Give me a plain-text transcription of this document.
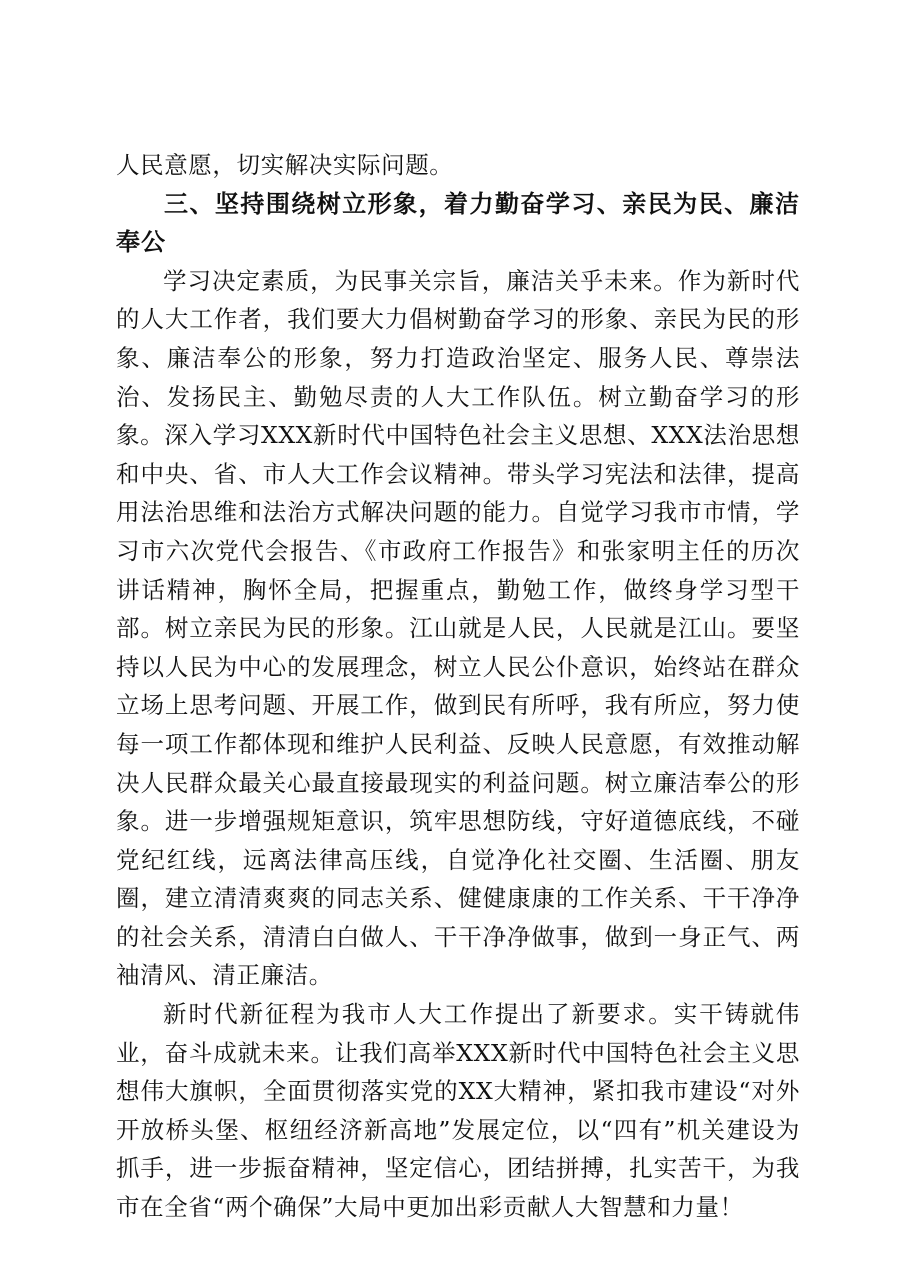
人民意愿，切实解决实际问题。

三、坚持围绕树立形象，着力勤奋学习、亲民为民、廉洁奉公

学习决定素质，为民事关宗旨，廉洁关乎未来。作为新时代的人大工作者，我们要大力倡树勤奋学习的形象、亲民为民的形象、廉洁奉公的形象，努力打造政治坚定、服务人民、尊崇法治、发扬民主、勤勉尽责的人大工作队伍。树立勤奋学习的形象。深入学习XXX新时代中国特色社会主义思想、XXX法治思想和中央、省、市人大工作会议精神。带头学习宪法和法律，提高用法治思维和法治方式解决问题的能力。自觉学习我市市情，学习市六次党代会报告、《市政府工作报告》和张家明主任的历次讲话精神，胸怀全局，把握重点，勤勉工作，做终身学习型干部。树立亲民为民的形象。江山就是人民，人民就是江山。要坚持以人民为中心的发展理念，树立人民公仆意识，始终站在群众立场上思考问题、开展工作，做到民有所呼，我有所应，努力使每一项工作都体现和维护人民利益、反映人民意愿，有效推动解决人民群众最关心最直接最现实的利益问题。树立廉洁奉公的形象。进一步增强规矩意识，筑牢思想防线，守好道德底线，不碰党纪红线，远离法律高压线，自觉净化社交圈、生活圈、朋友圈，建立清清爽爽的同志关系、健健康康的工作关系、干干净净的社会关系，清清白白做人、干干净净做事，做到一身正气、两袖清风、清正廉洁。

新时代新征程为我市人大工作提出了新要求。实干铸就伟业，奋斗成就未来。让我们高举XXX新时代中国特色社会主义思想伟大旗帜，全面贯彻落实党的XX大精神，紧扣我市建设“对外开放桥头堡、枢纽经济新高地”发展定位，以“四有”机关建设为抓手，进一步振奋精神，坚定信心，团结拼搏，扎实苦干，为我市在全省“两个确保”大局中更加出彩贡献人大智慧和力量！
